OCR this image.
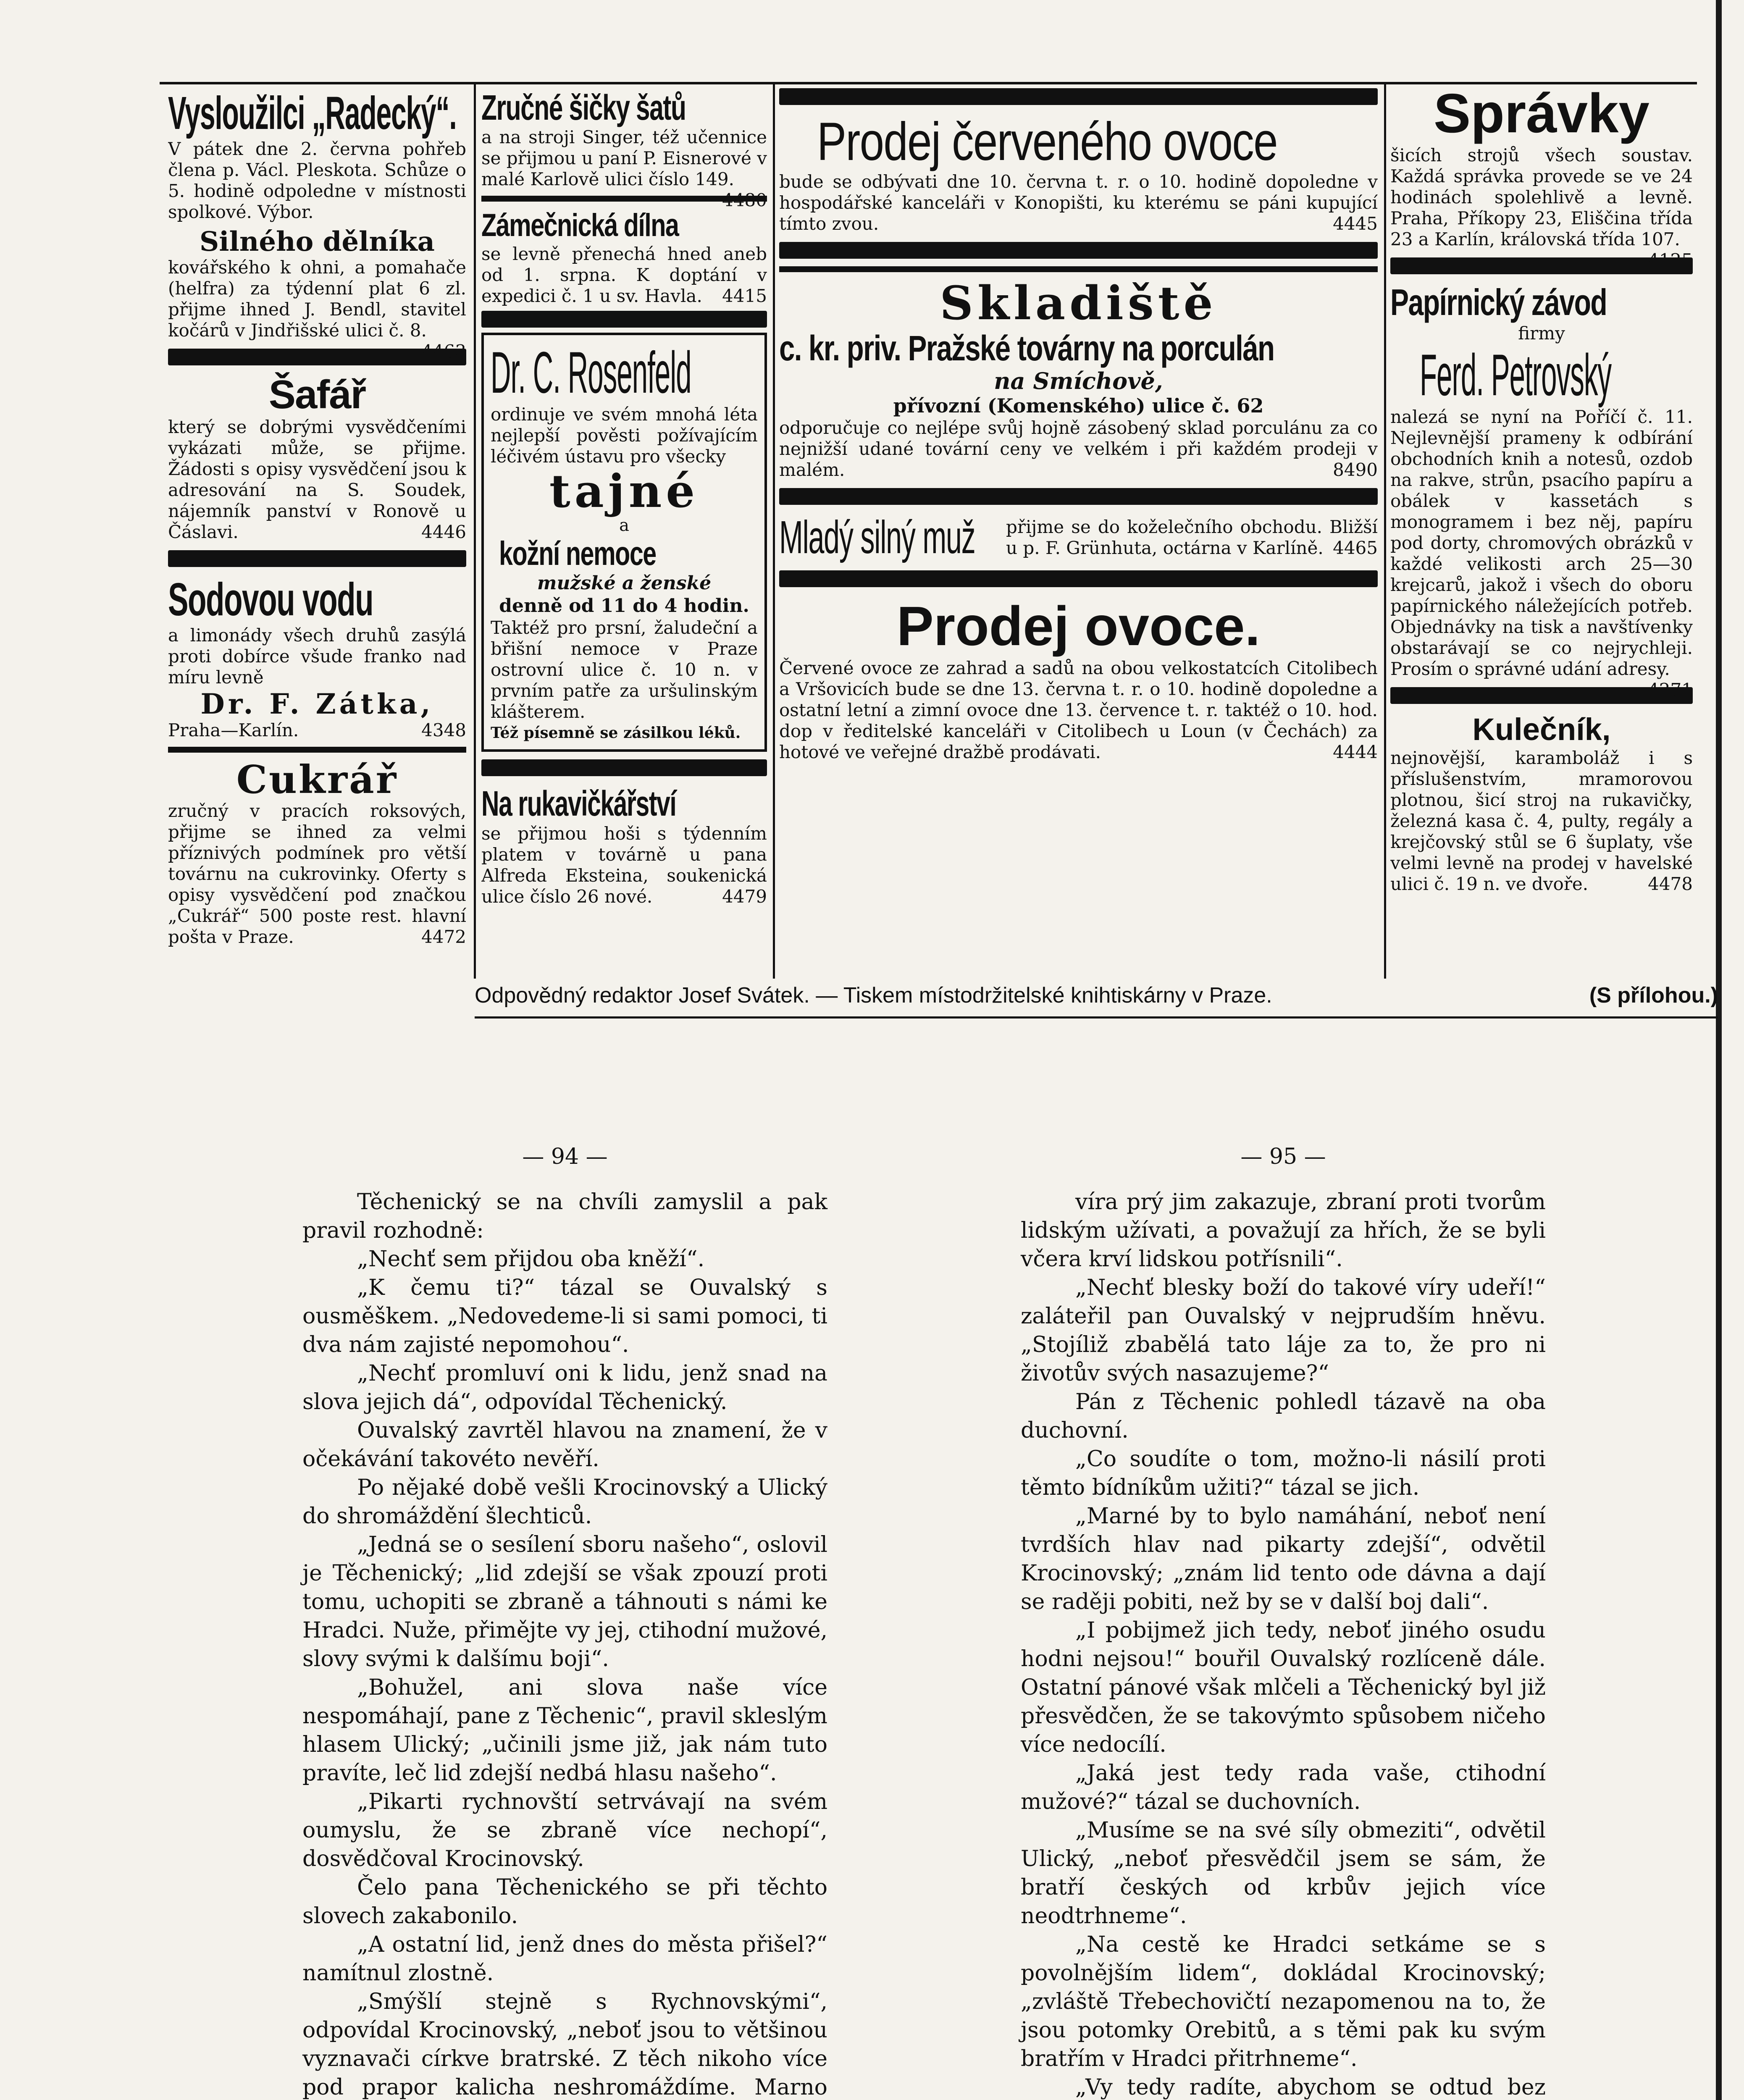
Vysloužilci „Radecký“.

V pátek dne 2. června pohřeb člena p. Václ. Pleskota. Schůze o 5. hodině odpoledne v místnosti spolkové. Výbor.

Silného dělníka

kovářského k ohni, a pomahače (helfra) za týdenní plat 6 zl. přijme ihned J. Bendl, stavitel kočárů v Jindřišské ulici č. 8.
4463

Šafář

který se dobrými vysvědčeními vykázati může, se přijme. Žádosti s opisy vysvědčení jsou k adresování na S. Soudek, nájemník panství v Ronově u Čáslavi.	4446

Sodovou vodu

a limonády všech druhů zasýlá proti dobírce všude franko nad míru levně

Dr. F. Zátka,

Praha—Karlín.	4348

Cukrář

zručný v pracích roksových, přijme se ihned za velmi příznivých podmínek pro větší továrnu na cukrovinky. Oferty s opisy vysvědčení pod značkou „Cukrář“ 500 poste rest. hlavní pošta v Praze.	4472

Zručné šičky šatů

a na stroji Singer, též učennice se přijmou u paní P. Eisnerové v malé Karlově ulici číslo 149.
4480

Zámečnická dílna

se levně přenechá hned aneb od 1. srpna. K doptání v expedici č. 1 u sv. Havla. 4415

Dr. C. Rosenfeld

ordinuje ve svém mnohá léta nejlepší pověsti požívajícím léčivém ústavu pro všecky

tajné
a
kožní nemoce
mužské a ženské
denně od 11 do 4 hodin.

Taktéž pro prsní, žaludeční a břišní nemoce v Praze ostrovní ulice č. 10 n. v prvním patře za uršulinským klášterem.

Též písemně se zásilkou léků.

Na rukavičkářství

se přijmou hoši s týdenním platem v továrně u pana Alfreda Eksteina, soukenická ulice číslo 26 nové.	4479

Prodej červeného ovoce

bude se odbývati dne 10. června t. r. o 10. hodině dopoledne v hospodářské kanceláři v Konopišti, ku kterému se páni kupující tímto zvou.	4445

Skladiště
c. kr. priv. Pražské továrny na porculán
na Smíchově,
přívozní (Komenského) ulice č. 62

odporučuje co nejlépe svůj hojně zásobený sklad porculánu za co nejnižší udané tovární ceny ve velkém i při každém prodeji v malém.	8490

Mladý silný muž přijme se do koželečního obchodu. Bližší u p. F. Grünhuta, octárna v Karlíně. 4465

Prodej ovoce.

Červené ovoce ze zahrad a sadů na obou velkostatcích Citolibech a Vršovicích bude se dne 13. června t. r. o 10. hodině dopoledne a ostatní letní a zimní ovoce dne 13. července t. r. taktéž o 10. hod. dop v ředitelské kanceláři v Citolibech u Loun (v Čechách) za hotové ve veřejné dražbě prodávati.	4444

Správky

šicích strojů všech soustav. Každá správka provede se ve 24 hodinách spolehlivě a levně. Praha, Příkopy 23, Eliščina třída 23 a Karlín, královská třída 107.
4125

Papírnický závod
firmy
Ferd. Petrovský

nalezá se nyní na Poříčí č. 11. Nejlevnější prameny k odbírání obchodních knih a notesů, ozdob na rakve, strůn, psacího papíru a obálek v kassetách s monogramem i bez něj, papíru pod dorty, chromových obrázků v každé velikosti arch 25—30 krejcarů, jakož i všech do oboru papírnického náležejících potřeb. Objednávky na tisk a navštívenky obstarávají se co nejrychleji. Prosím o správné udání adresy.
4271

Kulečník,

nejnovější, karamboláž i s příslušenstvím, mramorovou plotnou, šicí stroj na rukavičky, železná kasa č. 4, pulty, regály a krejčovský stůl se 6 šuplaty, vše velmi levně na prodej v havelské ulici č. 19 n. ve dvoře.	4478

Odpovědný redaktor Josef Svátek. — Tiskem místodržitelské knihtiskárny v Praze.	(S přílohou.)
— 94 —

Těchenický se na chvíli zamyslil a pak pravil rozhodně:

„Nechť sem přijdou oba kněží“.

„K čemu ti?“ tázal se Ouvalský s ousměškem. „Nedovedeme-li si sami pomoci, ti dva nám zajisté nepomohou“.

„Nechť promluví oni k lidu, jenž snad na slova jejich dá“, odpovídal Těchenický.

Ouvalský zavrtěl hlavou na znamení, že v očekávání takovéto nevěří.

Po nějaké době vešli Krocinovský a Ulický do shromáždění šlechticů.

„Jedná se o sesílení sboru našeho“, oslovil je Těchenický; „lid zdejší se však zpouzí proti tomu, uchopiti se zbraně a táhnouti s námi ke Hradci. Nuže, přimějte vy jej, ctihodní mužové, slovy svými k dalšímu boji“.

„Bohužel, ani slova naše více nespomáhají, pane z Těchenic“, pravil skleslým hlasem Ulický; „učinili jsme již, jak nám tuto pravíte, leč lid zdejší nedbá hlasu našeho“.

„Pikarti rychnovští setrvávají na svém oumyslu, že se zbraně více nechopí“, dosvědčoval Krocinovský.

Čelo pana Těchenického se při těchto slovech zakabonilo.

„A ostatní lid, jenž dnes do města přišel?“ namítnul zlostně.

„Smýšlí stejně s Rychnovskými“, odpovídal Krocinovský, „neboť jsou to většinou vyznavači církve bratrské. Z těch nikoho více pod prapor kalicha neshromáždíme. Marno

— 95 —

víra prý jim zakazuje, zbraní proti tvorům lidským užívati, a považují za hřích, že se byli včera krví lidskou potřísnili“.

„Nechť blesky boží do takové víry udeří!“ zaláteřil pan Ouvalský v nejprudším hněvu. „Stojíliž zbabělá tato láje za to, že pro ni životův svých nasazujeme?“

Pán z Těchenic pohledl tázavě na oba duchovní.

„Co soudíte o tom, možno-li násilí proti těmto bídníkům užiti?“ tázal se jich.

„Marné by to bylo namáhání, neboť není tvrdších hlav nad pikarty zdejší“, odvětil Krocinovský; „znám lid tento ode dávna a dají se raději pobiti, než by se v další boj dali“.

„I pobijmež jich tedy, neboť jiného osudu hodni nejsou!“ bouřil Ouvalský rozlíceně dále. Ostatní pánové však mlčeli a Těchenický byl již přesvědčen, že se takovýmto spůsobem ničeho více nedocílí.

„Jaká jest tedy rada vaše, ctihodní mužové?“ tázal se duchovních.

„Musíme se na své síly obmeziti“, odvětil Ulický, „neboť přesvědčil jsem se sám, že bratří českých od krbův jejich více neodtrhneme“.

„Na cestě ke Hradci setkáme se s povolnějším lidem“, dokládal Krocinovský; „zvláště Třebechovičtí nezapomenou na to, že jsou potomky Orebitů, a s těmi pak ku svým bratřím v Hradci přitrhneme“.

„Vy tedy radíte, abychom se odtud bez
